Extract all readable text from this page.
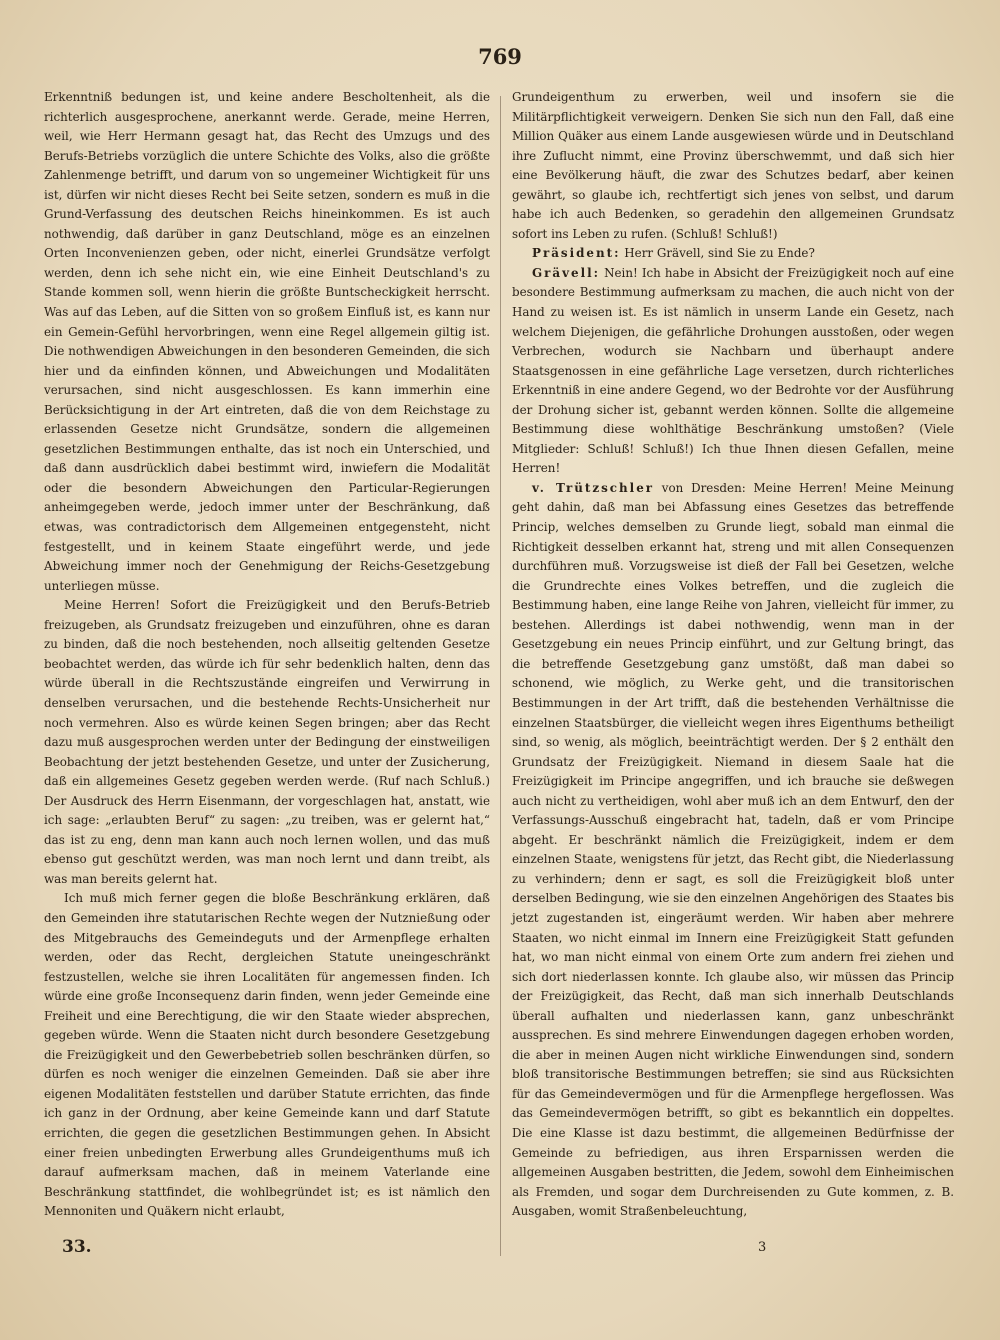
769

Erkenntniß bedungen ist, und keine andere Bescholtenheit, als die richterlich ausgesprochene, anerkannt werde. Gerade, meine Herren, weil, wie Herr Hermann gesagt hat, das Recht des Umzugs und des Berufs-Betriebs vorzüglich die untere Schichte des Volks, also die größte Zahlenmenge betrifft, und darum von so ungemeiner Wichtigkeit für uns ist, dürfen wir nicht dieses Recht bei Seite setzen, sondern es muß in die Grund-Verfassung des deutschen Reichs hineinkommen. Es ist auch nothwendig, daß darüber in ganz Deutschland, möge es an einzelnen Orten Inconvenienzen geben, oder nicht, einerlei Grundsätze verfolgt werden, denn ich sehe nicht ein, wie eine Einheit Deutschland's zu Stande kommen soll, wenn hierin die größte Buntscheckigkeit herrscht. Was auf das Leben, auf die Sitten von so großem Einfluß ist, es kann nur ein Gemein-Gefühl hervorbringen, wenn eine Regel allgemein giltig ist. Die nothwendigen Abweichungen in den besonderen Gemeinden, die sich hier und da einfinden können, und Abweichungen und Modalitäten verursachen, sind nicht ausgeschlossen. Es kann immerhin eine Berücksichtigung in der Art eintreten, daß die von dem Reichstage zu erlassenden Gesetze nicht Grundsätze, sondern die allgemeinen gesetzlichen Bestimmungen enthalte, das ist noch ein Unterschied, und daß dann ausdrücklich dabei bestimmt wird, inwiefern die Modalität oder die besondern Abweichungen den Particular-Regierungen anheimgegeben werde, jedoch immer unter der Beschränkung, daß etwas, was contradictorisch dem Allgemeinen entgegensteht, nicht festgestellt, und in keinem Staate eingeführt werde, und jede Abweichung immer noch der Genehmigung der Reichs-Gesetzgebung unterliegen müsse.

Meine Herren! Sofort die Freizügigkeit und den Berufs-Betrieb freizugeben, als Grundsatz freizugeben und einzuführen, ohne es daran zu binden, daß die noch bestehenden, noch allseitig geltenden Gesetze beobachtet werden, das würde ich für sehr bedenklich halten, denn das würde überall in die Rechtszustände eingreifen und Verwirrung in denselben verursachen, und die bestehende Rechts-Unsicherheit nur noch vermehren. Also es würde keinen Segen bringen; aber das Recht dazu muß ausgesprochen werden unter der Bedingung der einstweiligen Beobachtung der jetzt bestehenden Gesetze, und unter der Zusicherung, daß ein allgemeines Gesetz gegeben werden werde. (Ruf nach Schluß.) Der Ausdruck des Herrn Eisenmann, der vorgeschlagen hat, anstatt, wie ich sage: „erlaubten Beruf“ zu sagen: „zu treiben, was er gelernt hat,“ das ist zu eng, denn man kann auch noch lernen wollen, und das muß ebenso gut geschützt werden, was man noch lernt und dann treibt, als was man bereits gelernt hat.

Ich muß mich ferner gegen die bloße Beschränkung erklären, daß den Gemeinden ihre statutarischen Rechte wegen der Nutznießung oder des Mitgebrauchs des Gemeindeguts und der Armenpflege erhalten werden, oder das Recht, dergleichen Statute uneingeschränkt festzustellen, welche sie ihren Localitäten für angemessen finden. Ich würde eine große Inconsequenz darin finden, wenn jeder Gemeinde eine Freiheit und eine Berechtigung, die wir den Staate wieder absprechen, gegeben würde. Wenn die Staaten nicht durch besondere Gesetzgebung die Freizügigkeit und den Gewerbebetrieb sollen beschränken dürfen, so dürfen es noch weniger die einzelnen Gemeinden. Daß sie aber ihre eigenen Modalitäten feststellen und darüber Statute errichten, das finde ich ganz in der Ordnung, aber keine Gemeinde kann und darf Statute errichten, die gegen die gesetzlichen Bestimmungen gehen. In Absicht einer freien unbedingten Erwerbung alles Grundeigenthums muß ich darauf aufmerksam machen, daß in meinem Vaterlande eine Beschränkung stattfindet, die wohlbegründet ist; es ist nämlich den Mennoniten und Quäkern nicht erlaubt,

Grundeigenthum zu erwerben, weil und insofern sie die Militärpflichtigkeit verweigern. Denken Sie sich nun den Fall, daß eine Million Quäker aus einem Lande ausgewiesen würde und in Deutschland ihre Zuflucht nimmt, eine Provinz überschwemmt, und daß sich hier eine Bevölkerung häuft, die zwar des Schutzes bedarf, aber keinen gewährt, so glaube ich, rechtfertigt sich jenes von selbst, und darum habe ich auch Bedenken, so geradehin den allgemeinen Grundsatz sofort ins Leben zu rufen. (Schluß! Schluß!)

Präsident: Herr Grävell, sind Sie zu Ende?

Grävell: Nein! Ich habe in Absicht der Freizügigkeit noch auf eine besondere Bestimmung aufmerksam zu machen, die auch nicht von der Hand zu weisen ist. Es ist nämlich in unserm Lande ein Gesetz, nach welchem Diejenigen, die gefährliche Drohungen ausstoßen, oder wegen Verbrechen, wodurch sie Nachbarn und überhaupt andere Staatsgenossen in eine gefährliche Lage versetzen, durch richterliches Erkenntniß in eine andere Gegend, wo der Bedrohte vor der Ausführung der Drohung sicher ist, gebannt werden können. Sollte die allgemeine Bestimmung diese wohlthätige Beschränkung umstoßen? (Viele Mitglieder: Schluß! Schluß!) Ich thue Ihnen diesen Gefallen, meine Herren!

v. Trützschler von Dresden: Meine Herren! Meine Meinung geht dahin, daß man bei Abfassung eines Gesetzes das betreffende Princip, welches demselben zu Grunde liegt, sobald man einmal die Richtigkeit desselben erkannt hat, streng und mit allen Consequenzen durchführen muß. Vorzugsweise ist dieß der Fall bei Gesetzen, welche die Grundrechte eines Volkes betreffen, und die zugleich die Bestimmung haben, eine lange Reihe von Jahren, vielleicht für immer, zu bestehen. Allerdings ist dabei nothwendig, wenn man in der Gesetzgebung ein neues Princip einführt, und zur Geltung bringt, das die betreffende Gesetzgebung ganz umstößt, daß man dabei so schonend, wie möglich, zu Werke geht, und die transitorischen Bestimmungen in der Art trifft, daß die bestehenden Verhältnisse die einzelnen Staatsbürger, die vielleicht wegen ihres Eigenthums betheiligt sind, so wenig, als möglich, beeinträchtigt werden. Der § 2 enthält den Grundsatz der Freizügigkeit. Niemand in diesem Saale hat die Freizügigkeit im Principe angegriffen, und ich brauche sie deßwegen auch nicht zu vertheidigen, wohl aber muß ich an dem Entwurf, den der Verfassungs-Ausschuß eingebracht hat, tadeln, daß er vom Principe abgeht. Er beschränkt nämlich die Freizügigkeit, indem er dem einzelnen Staate, wenigstens für jetzt, das Recht gibt, die Niederlassung zu verhindern; denn er sagt, es soll die Freizügigkeit bloß unter derselben Bedingung, wie sie den einzelnen Angehörigen des Staates bis jetzt zugestanden ist, eingeräumt werden. Wir haben aber mehrere Staaten, wo nicht einmal im Innern eine Freizügigkeit Statt gefunden hat, wo man nicht einmal von einem Orte zum andern frei ziehen und sich dort niederlassen konnte. Ich glaube also, wir müssen das Princip der Freizügigkeit, das Recht, daß man sich innerhalb Deutschlands überall aufhalten und niederlassen kann, ganz unbeschränkt aussprechen. Es sind mehrere Einwendungen dagegen erhoben worden, die aber in meinen Augen nicht wirkliche Einwendungen sind, sondern bloß transitorische Bestimmungen betreffen; sie sind aus Rücksichten für das Gemeindevermögen und für die Armenpflege hergeflossen. Was das Gemeindevermögen betrifft, so gibt es bekanntlich ein doppeltes. Die eine Klasse ist dazu bestimmt, die allgemeinen Bedürfnisse der Gemeinde zu befriedigen, aus ihren Ersparnissen werden die allgemeinen Ausgaben bestritten, die Jedem, sowohl dem Einheimischen als Fremden, und sogar dem Durchreisenden zu Gute kommen, z. B. Ausgaben, womit Straßenbeleuchtung,

33.	3
